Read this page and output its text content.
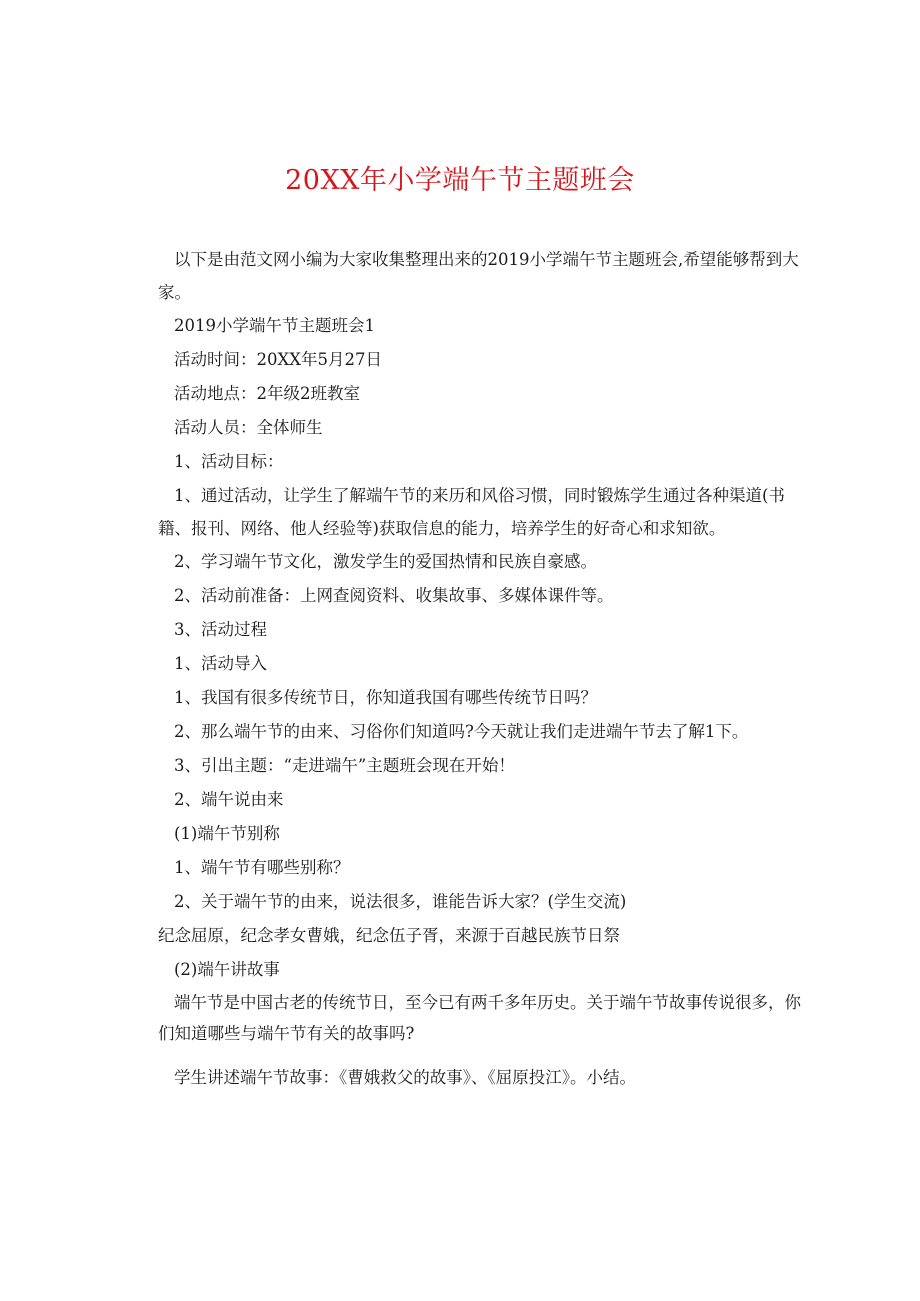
20XX年小学端午节主题班会

以下是由范文网小编为大家收集整理出来的2019小学端午节主题班会,希望能够帮到大家。

2019小学端午节主题班会1

活动时间：20XX年5月27日

活动地点：2年级2班教室

活动人员：全体师生

1、活动目标：

1、通过活动，让学生了解端午节的来历和风俗习惯，同时锻炼学生通过各种渠道(书籍、报刊、网络、他人经验等)获取信息的能力，培养学生的好奇心和求知欲。

2、学习端午节文化，激发学生的爱国热情和民族自豪感。

2、活动前准备：上网查阅资料、收集故事、多媒体课件等。

3、活动过程

1、活动导入

1、我国有很多传统节日，你知道我国有哪些传统节日吗？

2、那么端午节的由来、习俗你们知道吗?今天就让我们走进端午节去了解1下。

3、引出主题：“走进端午”主题班会现在开始！

2、端午说由来

(1)端午节别称

1、端午节有哪些别称？

2、关于端午节的由来，说法很多，谁能告诉大家？(学生交流)

纪念屈原，纪念孝女曹娥，纪念伍子胥，来源于百越民族节日祭

(2)端午讲故事

端午节是中国古老的传统节日，至今已有两千多年历史。关于端午节故事传说很多，你们知道哪些与端午节有关的故事吗?

学生讲述端午节故事：《曹娥救父的故事》、《屈原投江》。小结。
